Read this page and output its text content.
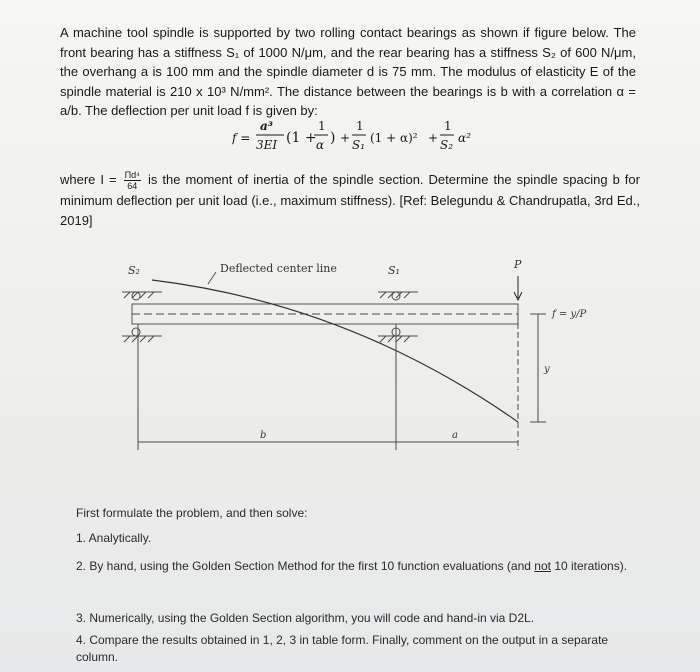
A machine tool spindle is supported by two rolling contact bearings as shown if figure below. The front bearing has a stiffness S₁ of 1000 N/μm, and the rear bearing has a stiffness S₂ of 600 N/μm, the overhang a is 100 mm and the spindle diameter d is 75 mm. The modulus of elasticity E of the spindle material is 210 x 10³ N/mm². The distance between the bearings is b with a correlation α = a/b. The deflection per unit load f is given by:

f =
a³
3EI (1 +
1
α ) +
1
S₁ (1 + α)² +
1
S₂ α²
where $I = \frac{\text{Πd⁴}}{64}$ is the moment of inertia of the spindle section. Determine the spindle spacing b for minimum deflection per unit load (i.e., maximum stiffness). [Ref: Belegundu & Chandrupatla, 3rd Ed., 2019]
S₂	Deflected center line	S₁	P
f = y/P
y
b	a
First formulate the problem, and then solve:
1. Analytically.
2. By hand, using the Golden Section Method for the first 10 function evaluations (and not 10 iterations).
3. Numerically, using the Golden Section algorithm, you will code and hand-in via D2L.
4. Compare the results obtained in 1, 2, 3 in table form. Finally, comment on the output in a separate column.
